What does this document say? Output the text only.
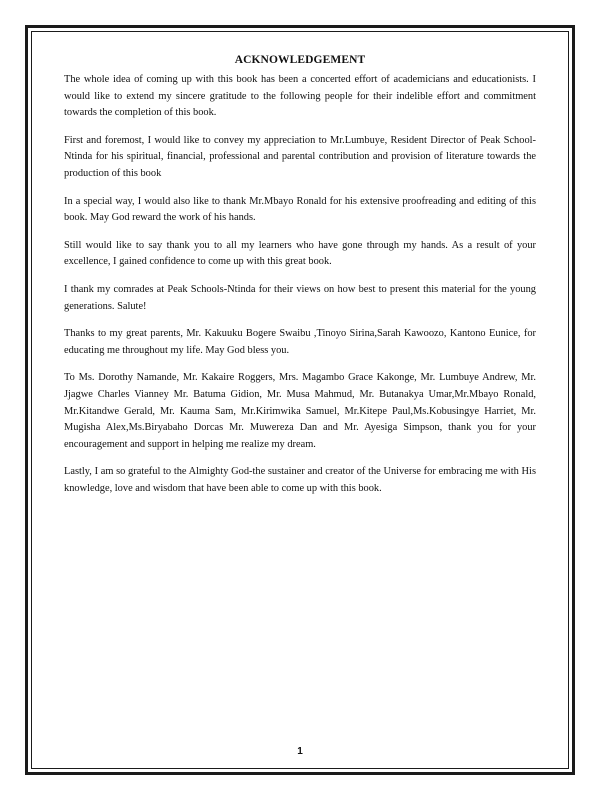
ACKNOWLEDGEMENT

The whole idea of coming up with this book has been a concerted effort of academicians and educationists. I would like to extend my sincere gratitude to the following people for their indelible effort and commitment towards the completion of this book.

First and foremost, I would like to convey my appreciation to Mr.Lumbuye, Resident Director of Peak School-Ntinda for his spiritual, financial, professional and parental contribution and provision of literature towards the production of this book

In a special way, I would also like to thank Mr.Mbayo Ronald for his extensive proofreading and editing of this book. May God reward the work of his hands.

Still would like to say thank you to all my learners who have gone through my hands. As a result of your excellence, I gained confidence to come up with this great book.

I thank my comrades at Peak Schools-Ntinda for their views on how best to present this material for the young generations. Salute!

Thanks to my great parents, Mr. Kakuuku Bogere Swaibu ,Tinoyo Sirina,Sarah Kawoozo, Kantono Eunice, for educating me throughout my life. May God bless you.

To Ms. Dorothy Namande, Mr. Kakaire Roggers, Mrs. Magambo Grace Kakonge, Mr. Lumbuye Andrew, Mr. Jjagwe Charles Vianney Mr. Batuma Gidion, Mr. Musa Mahmud, Mr. Butanakya Umar,Mr.Mbayo Ronald, Mr.Kitandwe Gerald, Mr. Kauma Sam, Mr.Kirimwika Samuel, Mr.Kitepe Paul,Ms.Kobusingye Harriet, Mr. Mugisha Alex,Ms.Biryabaho Dorcas Mr. Muwereza Dan and Mr. Ayesiga Simpson, thank you for your encouragement and support in helping me realize my dream.

Lastly, I am so grateful to the Almighty God-the sustainer and creator of the Universe for embracing me with His knowledge, love and wisdom that have been able to come up with this book.

1
